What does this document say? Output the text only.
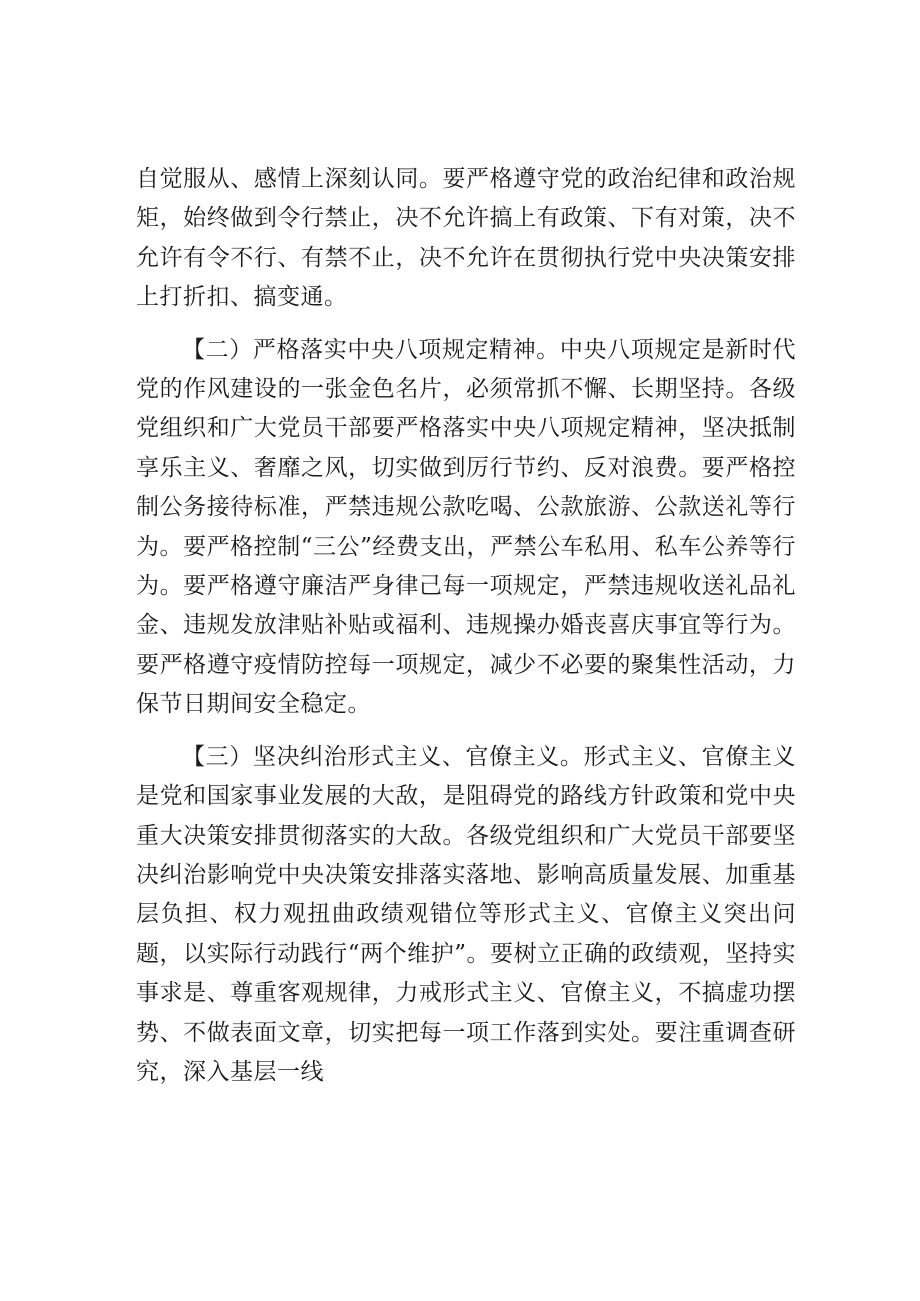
自觉服从、感情上深刻认同。要严格遵守党的政治纪律和政治规矩，始终做到令行禁止，决不允许搞上有政策、下有对策，决不允许有令不行、有禁不止，决不允许在贯彻执行党中央决策安排上打折扣、搞变通。

【二）严格落实中央八项规定精神。中央八项规定是新时代党的作风建设的一张金色名片，必须常抓不懈、长期坚持。各级党组织和广大党员干部要严格落实中央八项规定精神，坚决抵制享乐主义、奢靡之风，切实做到厉行节约、反对浪费。要严格控制公务接待标准，严禁违规公款吃喝、公款旅游、公款送礼等行为。要严格控制“三公”经费支出，严禁公车私用、私车公养等行为。要严格遵守廉洁严身律己每一项规定，严禁违规收送礼品礼金、违规发放津贴补贴或福利、违规操办婚丧喜庆事宜等行为。要严格遵守疫情防控每一项规定，减少不必要的聚集性活动，力保节日期间安全稳定。

【三）坚决纠治形式主义、官僚主义。形式主义、官僚主义是党和国家事业发展的大敌，是阻碍党的路线方针政策和党中央重大决策安排贯彻落实的大敌。各级党组织和广大党员干部要坚决纠治影响党中央决策安排落实落地、影响高质量发展、加重基层负担、权力观扭曲政绩观错位等形式主义、官僚主义突出问题，以实际行动践行“两个维护”。要树立正确的政绩观，坚持实事求是、尊重客观规律，力戒形式主义、官僚主义，不搞虚功摆势、不做表面文章，切实把每一项工作落到实处。要注重调查研究，深入基层一线
